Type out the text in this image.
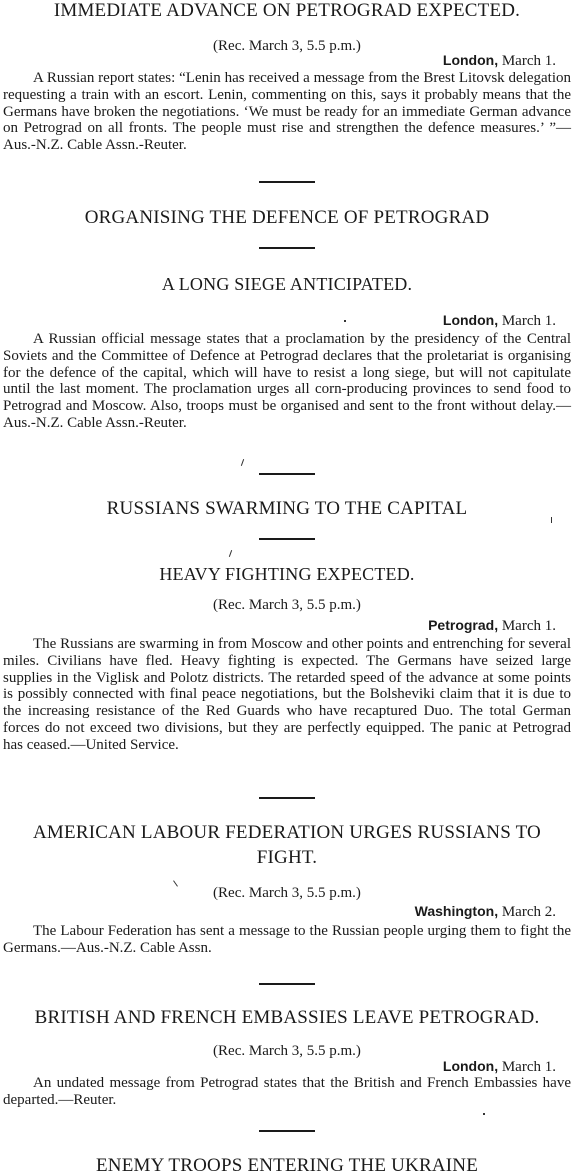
IMMEDIATE ADVANCE ON PETROGRAD EXPECTED.
(Rec. March 3, 5.5 p.m.)
London, March 1.
A Russian report states: “Lenin has received a message from the Brest Litovsk delegation requesting a train with an escort. Lenin, commenting on this, says it probably means that the Germans have broken the negotiations. ‘We must be ready for an immediate German advance on Petrograd on all fronts. The people must rise and strengthen the defence measures.’ ”—Aus.-N.Z. Cable Assn.-Reuter.
ORGANISING THE DEFENCE OF PETROGRAD
A LONG SIEGE ANTICIPATED.
London, March 1.
A Russian official message states that a proclamation by the presidency of the Central Soviets and the Committee of Defence at Petrograd declares that the proletariat is organising for the defence of the capital, which will have to resist a long siege, but will not capitulate until the last moment. The proclamation urges all corn-producing provinces to send food to Petrograd and Moscow. Also, troops must be organised and sent to the front without delay.—Aus.-N.Z. Cable Assn.-Reuter.
RUSSIANS SWARMING TO THE CAPITAL
HEAVY FIGHTING EXPECTED.
(Rec. March 3, 5.5 p.m.)
Petrograd, March 1.
The Russians are swarming in from Moscow and other points and entrenching for several miles. Civilians have fled. Heavy fighting is expected. The Germans have seized large supplies in the Viglisk and Polotz districts. The retarded speed of the advance at some points is possibly connected with final peace negotiations, but the Bolsheviki claim that it is due to the increasing resistance of the Red Guards who have recaptured Duo. The total German forces do not exceed two divisions, but they are perfectly equipped. The panic at Petrograd has ceased.—United Service.
AMERICAN LABOUR FEDERATION URGES RUSSIANS TO
FIGHT.
(Rec. March 3, 5.5 p.m.)
Washington, March 2.
The Labour Federation has sent a message to the Russian people urging them to fight the Germans.—Aus.-N.Z. Cable Assn.
BRITISH AND FRENCH EMBASSIES LEAVE PETROGRAD.
(Rec. March 3, 5.5 p.m.)
London, March 1.
An undated message from Petrograd states that the British and French Embassies have departed.—Reuter.
ENEMY TROOPS ENTERING THE UKRAINE
